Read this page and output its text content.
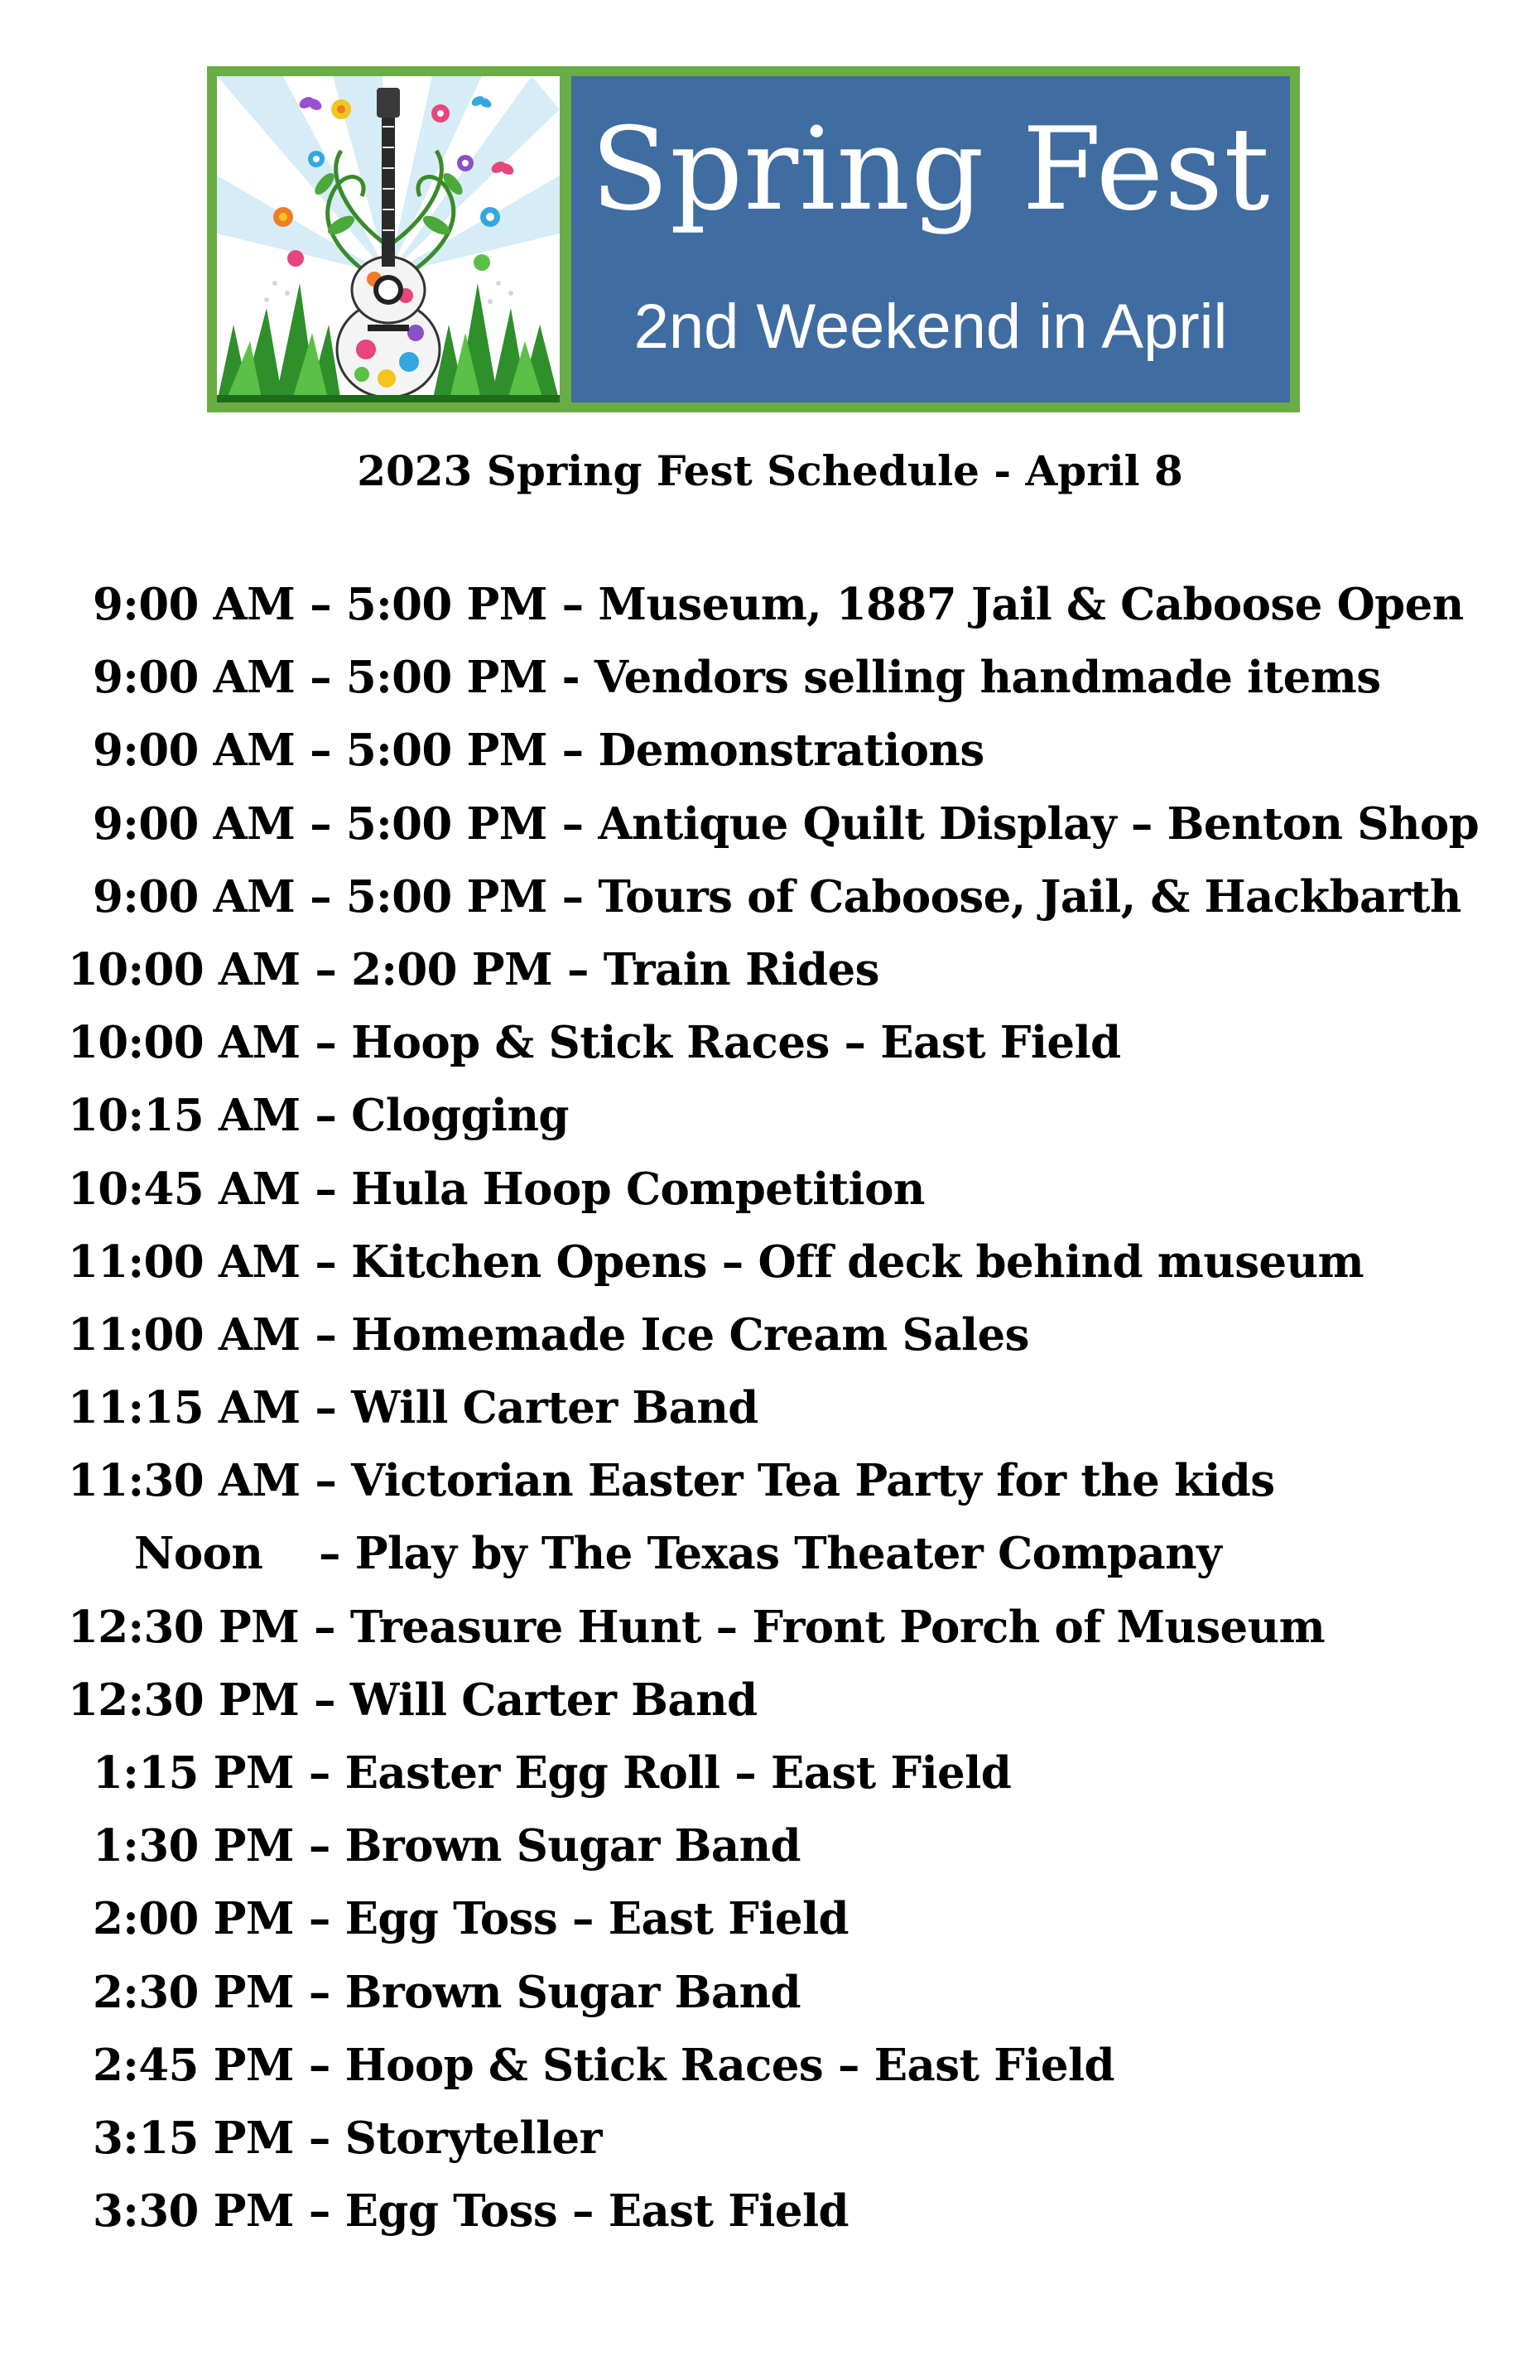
Spring Fest
2nd Weekend in April
2023 Spring Fest Schedule - April 8
9:00 AM – 5:00 PM – Museum, 1887 Jail & Caboose Open
9:00 AM – 5:00 PM - Vendors selling handmade items
9:00 AM – 5:00 PM – Demonstrations
9:00 AM – 5:00 PM – Antique Quilt Display – Benton Shop
9:00 AM – 5:00 PM – Tours of Caboose, Jail, & Hackbarth
10:00 AM – 2:00 PM – Train Rides
10:00 AM – Hoop & Stick Races – East Field
10:15 AM – Clogging
10:45 AM – Hula Hoop Competition
11:00 AM – Kitchen Opens – Off deck behind museum
11:00 AM – Homemade Ice Cream Sales
11:15 AM – Will Carter Band
11:30 AM – Victorian Easter Tea Party for the kids
Noon – Play by The Texas Theater Company
12:30 PM – Treasure Hunt – Front Porch of Museum
12:30 PM – Will Carter Band
1:15 PM – Easter Egg Roll – East Field
1:30 PM – Brown Sugar Band
2:00 PM – Egg Toss – East Field
2:30 PM – Brown Sugar Band
2:45 PM – Hoop & Stick Races – East Field
3:15 PM – Storyteller
3:30 PM – Egg Toss – East Field
